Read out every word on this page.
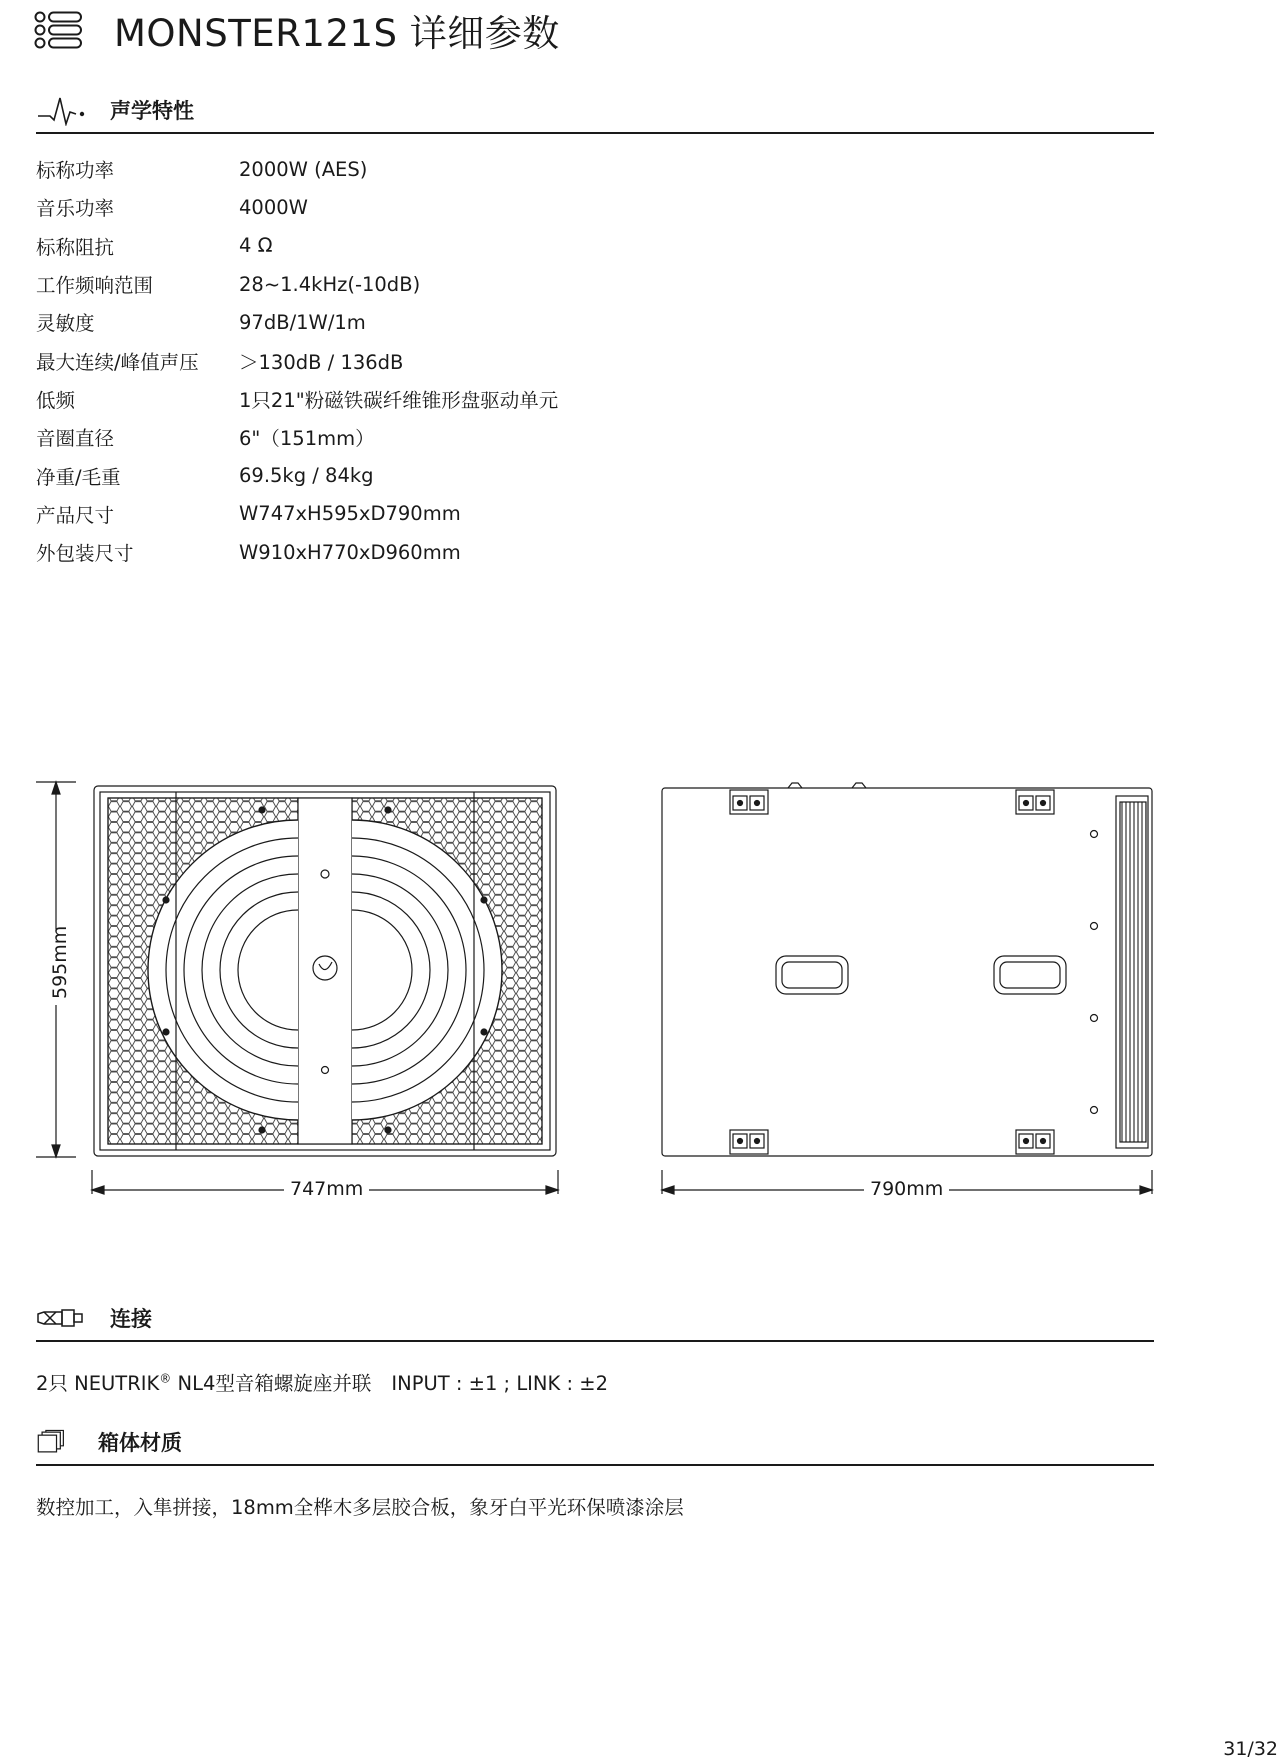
MONSTER121S 详细参数
声学特性
标称功率	2000W (AES)
音乐功率	4000W
标称阻抗	4 Ω
工作频响范围	28~1.4kHz(-10dB)
灵敏度	97dB/1W/1m
最大连续/峰值声压	＞130dB / 136dB
低频	1只21"粉磁铁碳纤维锥形盘驱动单元
音圈直径	6"（151mm）
净重/毛重	69.5kg / 84kg
产品尺寸	W747xH595xD790mm
外包装尺寸	W910xH770xD960mm
595mm
747mm	790mm
连接
2只 NEUTRIK® NL4型音箱螺旋座并联 INPUT : ±1 ; LINK : ±2
箱体材质
数控加工，入隼拼接，18mm全桦木多层胶合板，象牙白平光环保喷漆涂层
31/32
